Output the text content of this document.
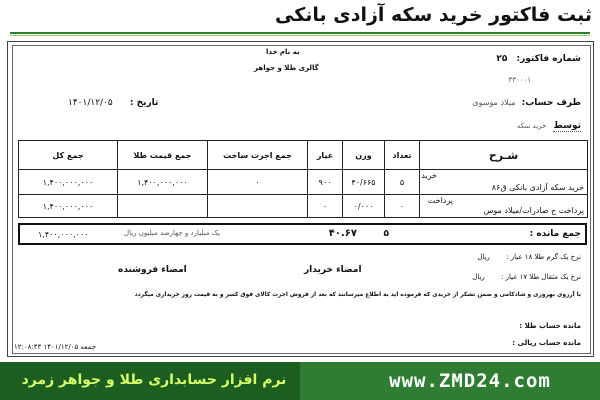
ثبت فاکتور خرید سکه آزادی بانکی
به نام خدا
گالری طلا و جواهر
شماره فاکتور: ۲۵
۳۳۰۰۰۱
طرف حساب: میلاد موسوی
توسط خرید سکه
تاریخ : ۱۴۰۱/۱۲/۰۵
شـرح	تعداد	وزن	عیار	جمع اجرت ساخت	جمع قیمت طلا	جمع کل

خرید
خرید سکه آزادی بانکی ق۸۶	۵	۴۰/۶۶۵	۹۰۰	۰	۱,۴۰۰,۰۰۰,۰۰۰	۱,۴۰۰,۰۰۰,۰۰۰

پرداخت
پرداخت ح صادرات/میلاد موس	۰	۰/۰۰۰	۰			۱,۴۰۰,۰۰۰,۰۰۰
جمع مانده :
۵
۴۰.۶۷
یک میلیارد و چهارصد میلیون ریال
۱,۴۰۰,۰۰۰,۰۰۰
نرخ یک گرم طلا ۱۸ عیار : ریال
نرخ یک مثقال طلا ۱۷ عیار : ریال
امضاء خریدار
امضاء فروشنده
با آرزوی بهروزی و شادکامی و ضمن تشکر از خریدی که فرموده اید به اطلاع میرسانند که بعد از فروش اجرت کالای فوق کسر و به قیمت روز خریداری میگردد
مانده حساب طلا :
مانده حساب ریالی :
جمعه ۱۴۰۱/۱۲/۰۵ ۱۲:۰۸:۴۳
نرم افزار حسابداری طلا و جواهر زمرد	www.ZMD24.com
